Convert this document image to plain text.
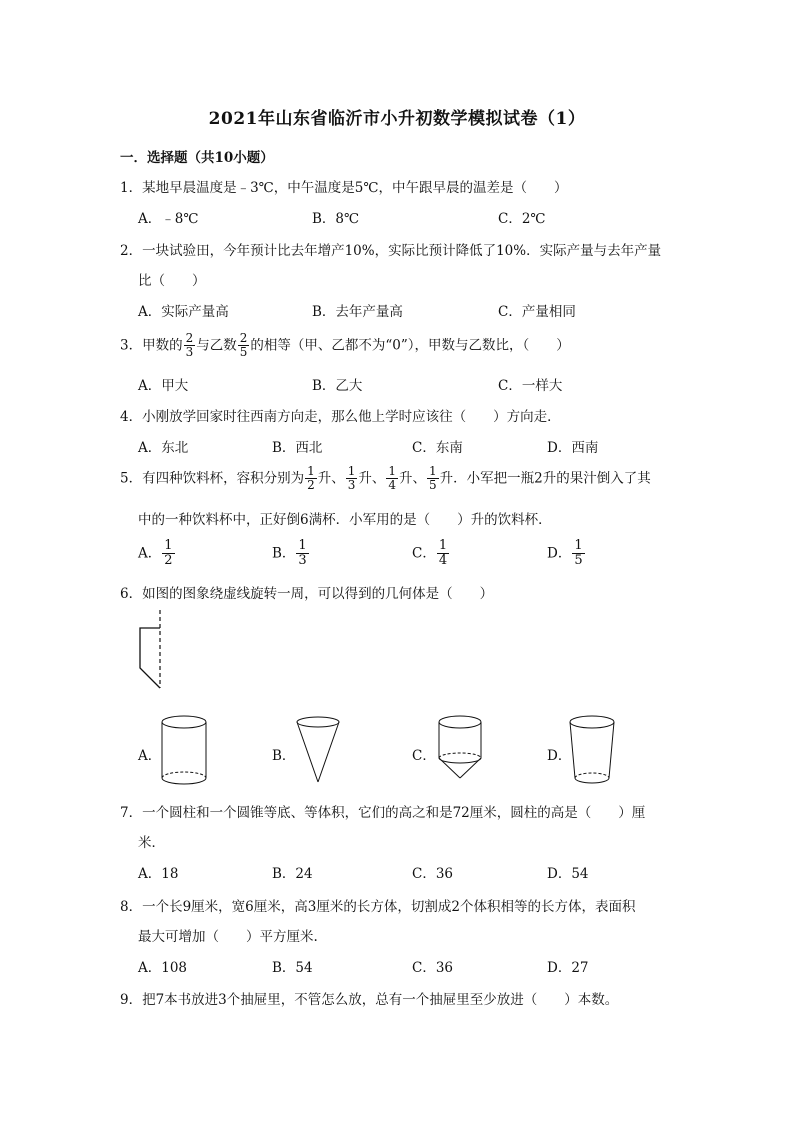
2021年山东省临沂市小升初数学模拟试卷（1）
一．选择题（共10小题）
1．某地早晨温度是﹣3℃，中午温度是5℃，中午跟早晨的温差是（　　）
A．﹣8℃	B．8℃	C．2℃
2．一块试验田，今年预计比去年增产10%，实际比预计降低了10%．实际产量与去年产量
比（　　）
A．实际产量高	B．去年产量高	C．产量相同
3．甲数的 $\frac{2}{3}$ 与乙数 $\frac{2}{5}$ 的相等（甲、乙都不为“0”），甲数与乙数比，（　　）
A．甲大	B．乙大	C．一样大
4．小刚放学回家时往西南方向走，那么他上学时应该往（　　）方向走．
A．东北	B．西北	C．东南	D．西南
5．有四种饮料杯，容积分别为 $\frac{1}{2}$ 升、 $\frac{1}{3}$ 升、 $\frac{1}{4}$ 升、 $\frac{1}{5}$ 升．小军把一瓶2升的果汁倒入了其
中的一种饮料杯中，正好倒6满杯．小军用的是（　　）升的饮料杯．
A． $\frac{1}{2}$	B． $\frac{1}{3}$	C． $\frac{1}{4}$	D． $\frac{1}{5}$
6．如图的图象绕虚线旋转一周，可以得到的几何体是（　　）
A．	B．	C．	D．
7．一个圆柱和一个圆锥等底、等体积，它们的高之和是72厘米，圆柱的高是（　　）厘
米．
A．18	B．24	C．36	D．54
8．一个长9厘米，宽6厘米，高3厘米的长方体，切割成2个体积相等的长方体，表面积
最大可增加（　　）平方厘米.
A．108	B．54	C．36	D．27
9．把7本书放进3个抽屉里，不管怎么放，总有一个抽屉里至少放进（　　）本数。
